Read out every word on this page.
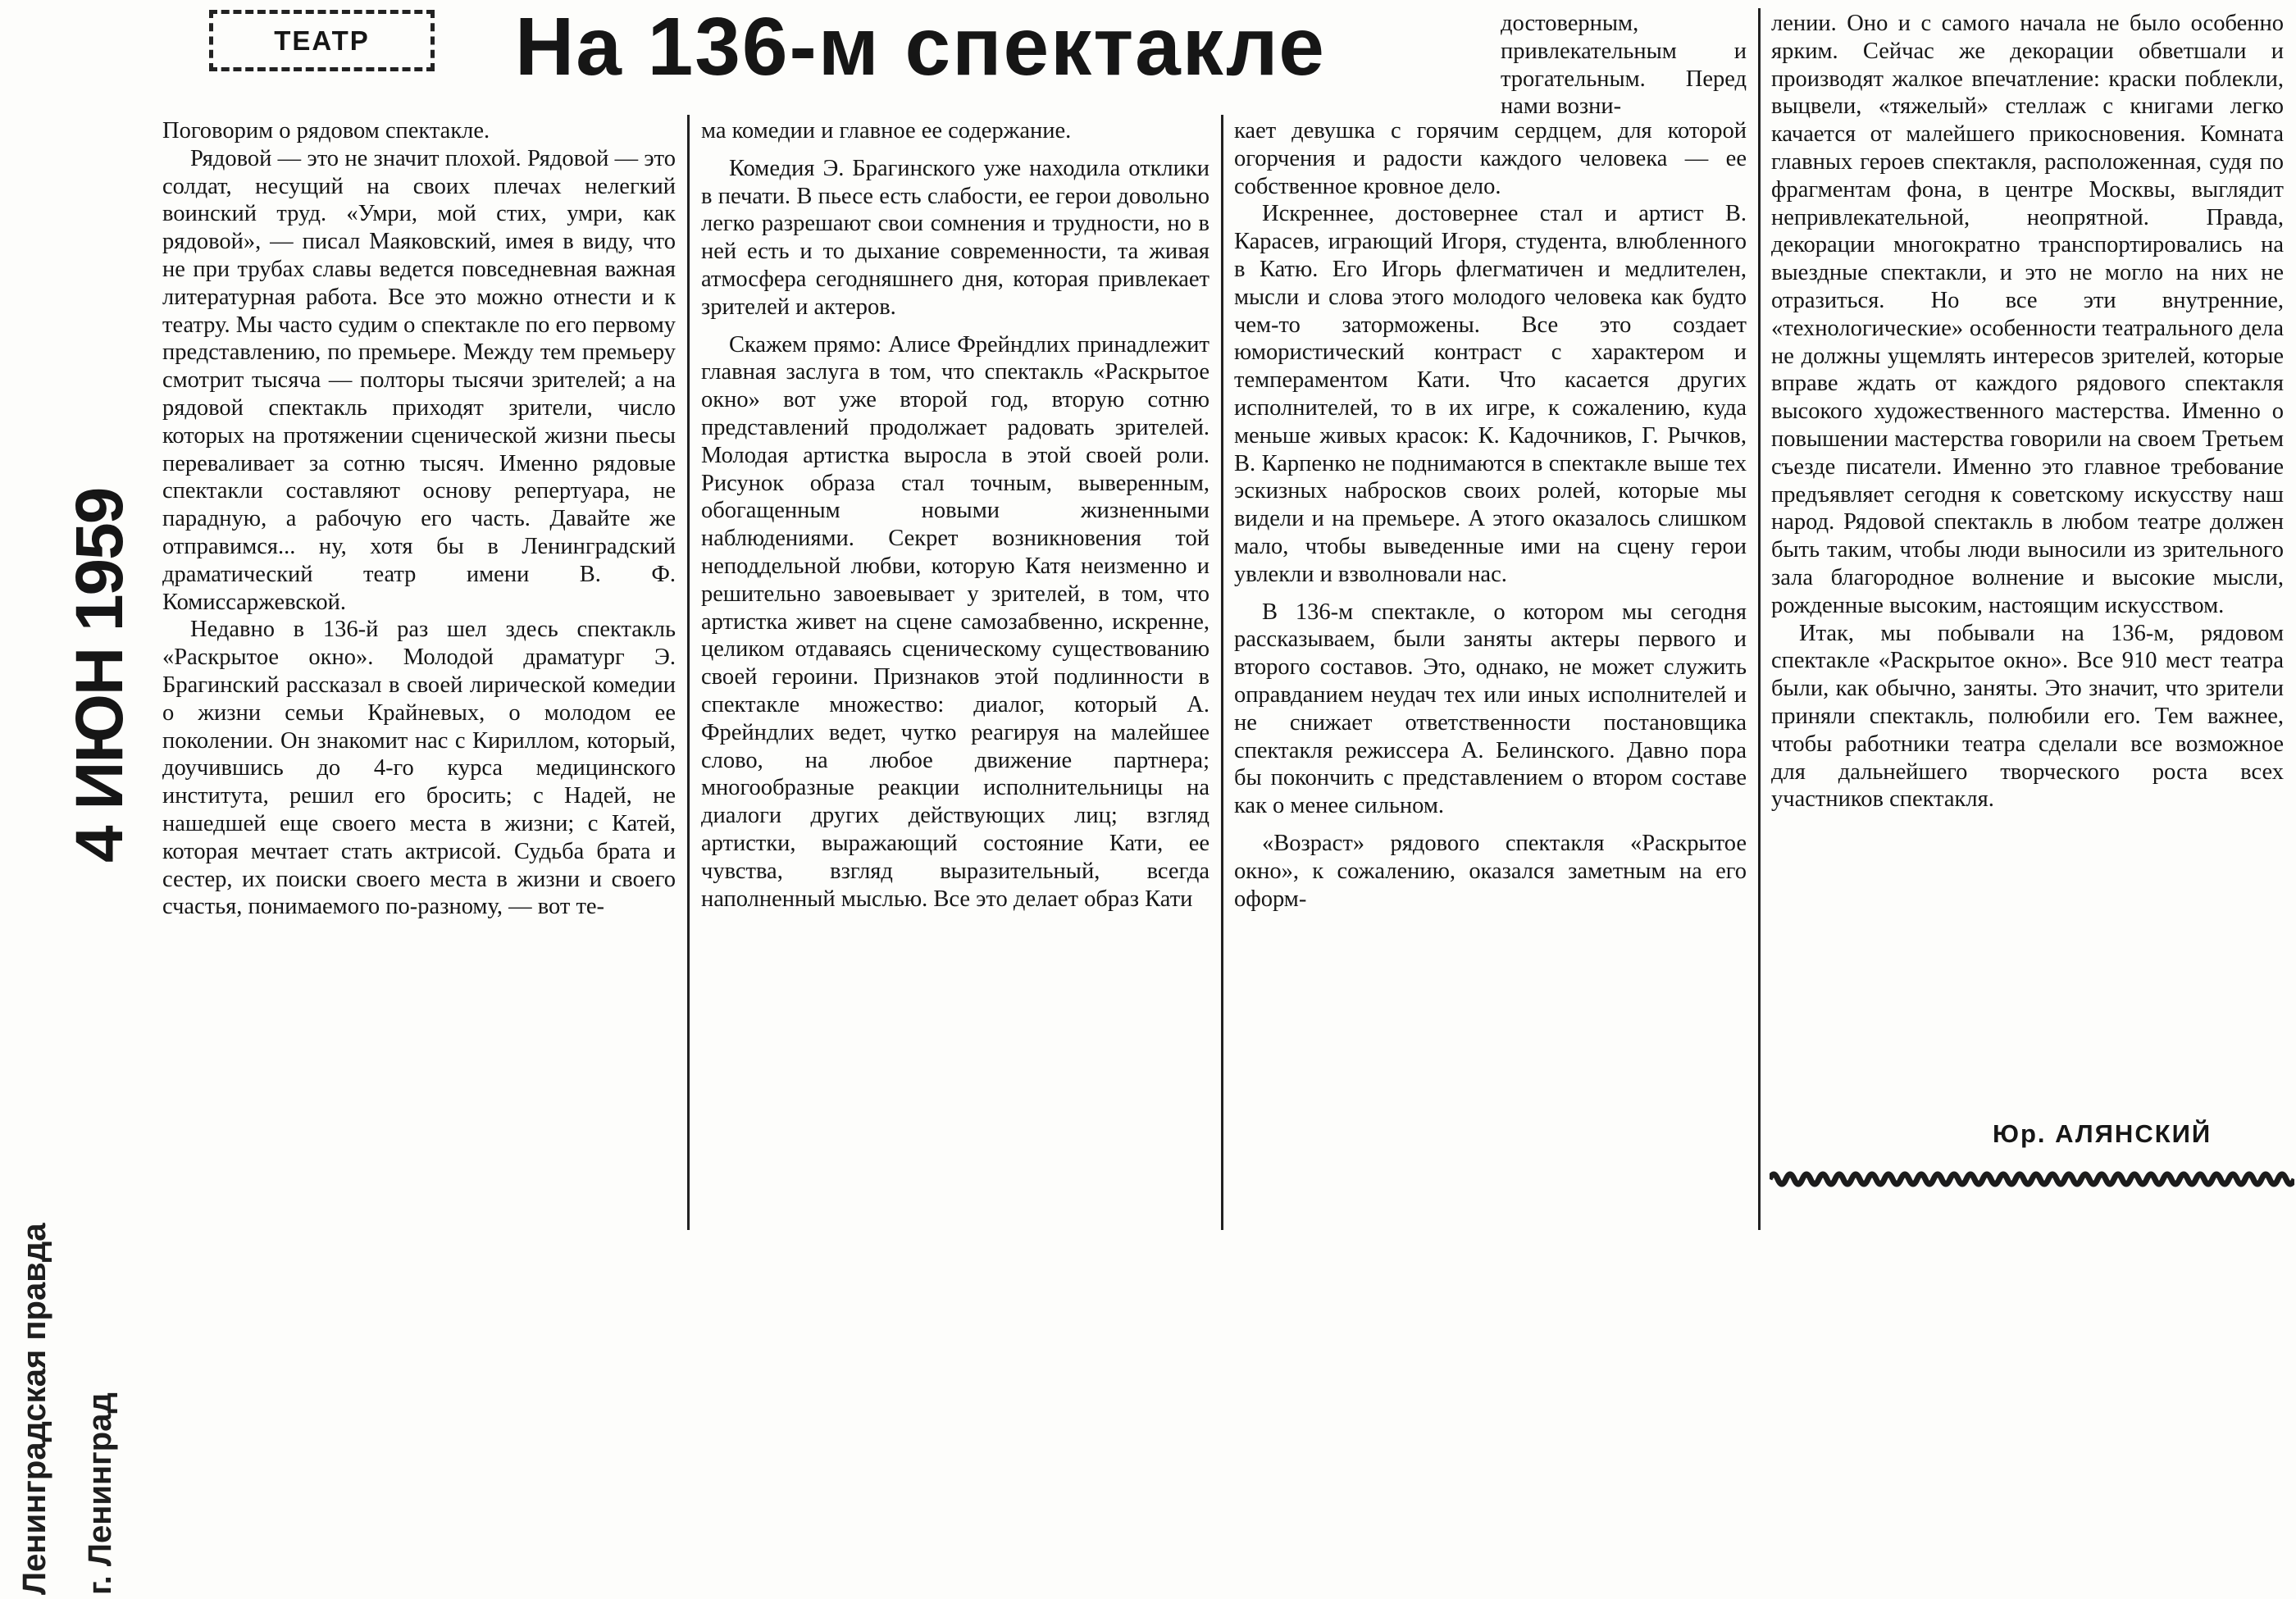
ТЕАТР На 136-м спектакле
4 ИЮН 1959
Ленинградская правда г. Ленинград

Поговорим о рядовом спектакле.

Рядовой — это не значит плохой. Рядовой — это солдат, несущий на своих плечах нелегкий воинский труд. «Умри, мой стих, умри, как рядовой», — писал Маяковский, имея в виду, что не при трубах славы ведется повседневная важная литературная работа. Все это можно отнести и к театру. Мы часто судим о спектакле по его первому представлению, по премьере. Между тем премьеру смотрит тысяча — полторы тысячи зрителей; а на рядовой спектакль приходят зрители, число которых на протяжении сценической жизни пьесы переваливает за сотню тысяч. Именно рядовые спектакли составляют основу репертуара, не парадную, а рабочую его часть. Давайте же отправимся... ну, хотя бы в Ленинградский драматический театр имени В. Ф. Комиссаржевской.

Недавно в 136-й раз шел здесь спектакль «Раскрытое окно». Молодой драматург Э. Брагинский рассказал в своей лирической комедии о жизни семьи Крайневых, о молодом ее поколении. Он знакомит нас с Кириллом, который, доучившись до 4-го курса медицинского института, решил его бросить; с Надей, не нашедшей еще своего места в жизни; с Катей, которая мечтает стать актрисой. Судьба брата и сестер, их поиски своего места в жизни и своего счастья, понимаемого по-разному, — вот те-

ма комедии и главное ее содержание.

Комедия Э. Брагинского уже находила отклики в печати. В пьесе есть слабости, ее герои довольно легко разрешают свои сомнения и трудности, но в ней есть и то дыхание современности, та живая атмосфера сегодняшнего дня, которая привлекает зрителей и актеров.

Скажем прямо: Алисе Фрейндлих принадлежит главная заслуга в том, что спектакль «Раскрытое окно» вот уже второй год, вторую сотню представлений продолжает радовать зрителей. Молодая артистка выросла в этой своей роли. Рисунок образа стал точным, выверенным, обогащенным новыми жизненными наблюдениями. Секрет возникновения той неподдельной любви, которую Катя неизменно и решительно завоевывает у зрителей, в том, что артистка живет на сцене самозабвенно, искренне, целиком отдаваясь сценическому существованию своей героини. Признаков этой подлинности в спектакле множество: диалог, который А. Фрейндлих ведет, чутко реагируя на малейшее слово, на любое движение партнера; многообразные реакции исполнительницы на диалоги других действующих лиц; взгляд артистки, выражающий состояние Кати, ее чувства, взгляд выразительный, всегда наполненный мыслью. Все это делает образ Кати

достоверным, привлекательным и трогательным. Перед нами возни-

кает девушка с горячим сердцем, для которой огорчения и радости каждого человека — ее собственное кровное дело.

Искреннее, достовернее стал и артист В. Карасев, играющий Игоря, студента, влюбленного в Катю. Его Игорь флегматичен и медлителен, мысли и слова этого молодого человека как будто чем-то заторможены. Все это создает юмористический контраст с характером и темпераментом Кати. Что касается других исполнителей, то в их игре, к сожалению, куда меньше живых красок: К. Кадочников, Г. Рычков, В. Карпенко не поднимаются в спектакле выше тех эскизных набросков своих ролей, которые мы видели и на премьере. А этого оказалось слишком мало, чтобы выведенные ими на сцену герои увлекли и взволновали нас.

В 136-м спектакле, о котором мы сегодня рассказываем, были заняты актеры первого и второго составов. Это, однако, не может служить оправданием неудач тех или иных исполнителей и не снижает ответственности постановщика спектакля режиссера А. Белинского. Давно пора бы покончить с представлением о втором составе как о менее сильном.

«Возраст» рядового спектакля «Раскрытое окно», к сожалению, оказался заметным на его оформ-

лении. Оно и с самого начала не было особенно ярким. Сейчас же декорации обветшали и производят жалкое впечатление: краски поблекли, выцвели, «тяжелый» стеллаж с книгами легко качается от малейшего прикосновения. Комната главных героев спектакля, расположенная, судя по фрагментам фона, в центре Москвы, выглядит непривлекательной, неопрятной. Правда, декорации многократно транспортировались на выездные спектакли, и это не могло на них не отразиться. Но все эти внутренние, «технологические» особенности театрального дела не должны ущемлять интересов зрителей, которые вправе ждать от каждого рядового спектакля высокого художественного мастерства. Именно о повышении мастерства говорили на своем Третьем съезде писатели. Именно это главное требование предъявляет сегодня к советскому искусству наш народ. Рядовой спектакль в любом театре должен быть таким, чтобы люди выносили из зрительного зала благородное волнение и высокие мысли, рожденные высоким, настоящим искусством.

Итак, мы побывали на 136-м, рядовом спектакле «Раскрытое окно». Все 910 мест театра были, как обычно, заняты. Это значит, что зрители приняли спектакль, полюбили его. Тем важнее, чтобы работники театра сделали все возможное для дальнейшего творческого роста всех участников спектакля.

Юр. АЛЯНСКИЙ
